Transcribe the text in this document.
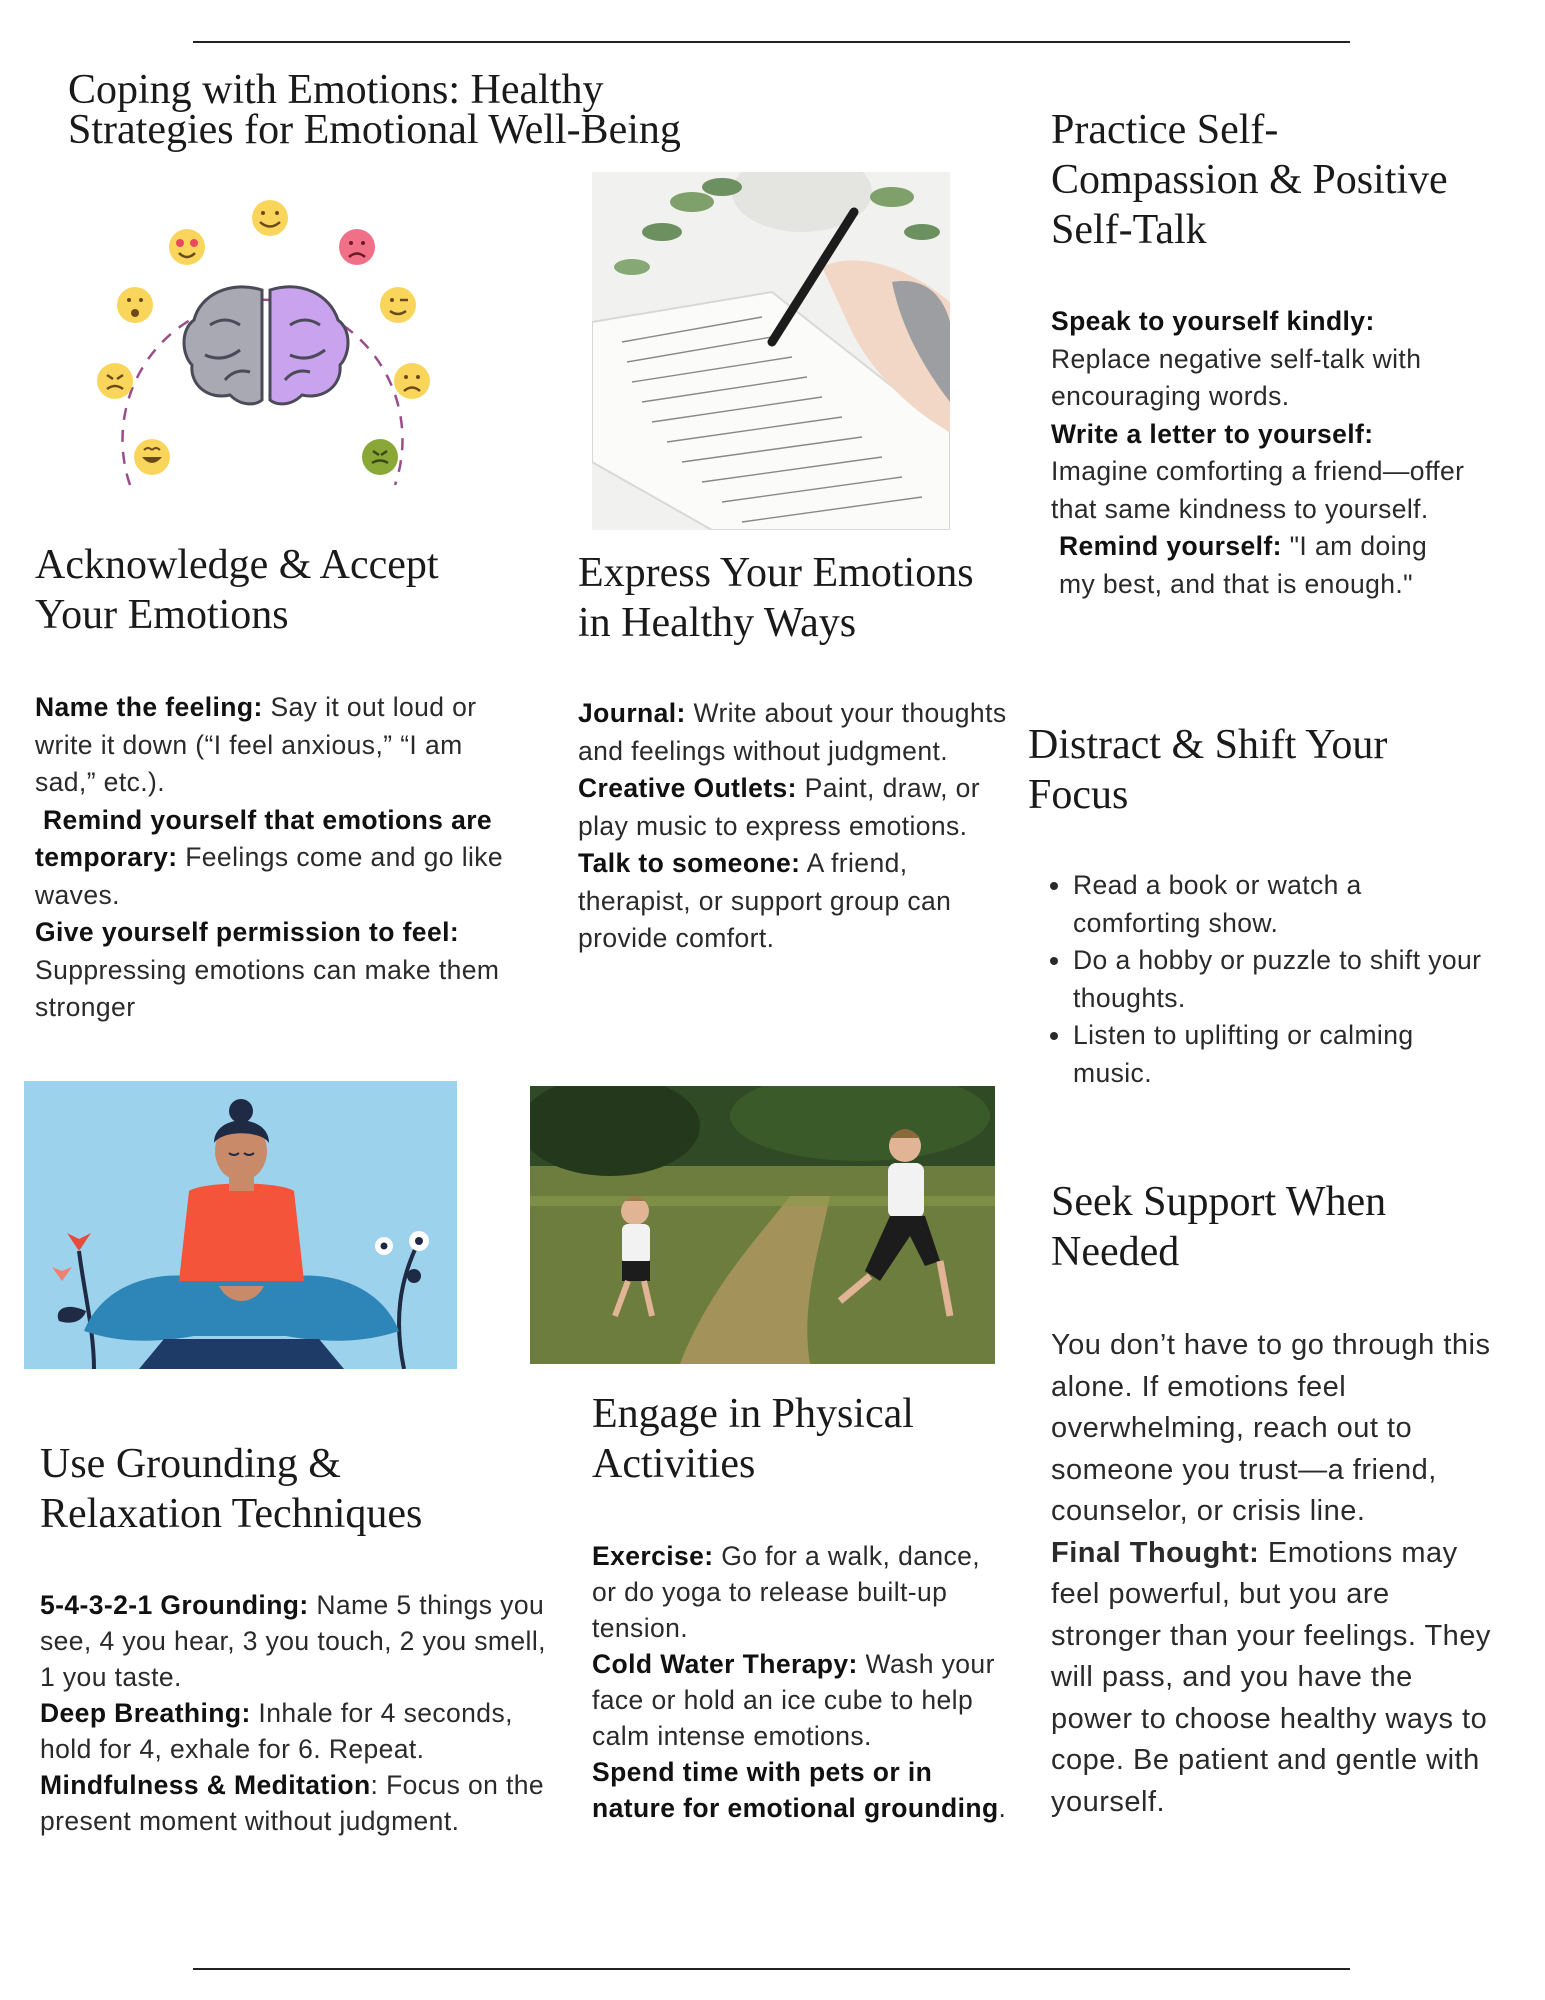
Coping with Emotions: Healthy
Strategies for Emotional Well-Being	Practice Self-
Compassion & Positive
Self-Talk

Speak to yourself kindly: Replace negative self-talk with encouraging words.

Write a letter to yourself: Imagine comforting a friend—offer that same kindness to yourself.

Remind yourself: "I am doing my best, and that is enough."

Acknowledge & Accept
Your Emotions

Name the feeling: Say it out loud or write it down (“I feel anxious,” “I am sad,” etc.).

Remind yourself that emotions are temporary: Feelings come and go like waves.

Give yourself permission to feel: Suppressing emotions can make them stronger

Express Your Emotions
in Healthy Ways

Journal: Write about your thoughts and feelings without judgment.

Creative Outlets: Paint, draw, or play music to express emotions.

Talk to someone: A friend, therapist, or support group can provide comfort.

Distract & Shift Your
Focus
• Read a book or watch a comforting show.
• Do a hobby or puzzle to shift your thoughts.
• Listen to uplifting or calming music.
Seek Support When
Needed

You don’t have to go through this alone. If emotions feel overwhelming, reach out to someone you trust—a friend, counselor, or crisis line.

Final Thought: Emotions may feel powerful, but you are stronger than your feelings. They will pass, and you have the power to choose healthy ways to cope. Be patient and gentle with yourself.

Engage in Physical
Activities

Exercise: Go for a walk, dance, or do yoga to release built-up tension.

Cold Water Therapy: Wash your face or hold an ice cube to help calm intense emotions.

Spend time with pets or in nature for emotional grounding.

Use Grounding &
Relaxation Techniques

5-4-3-2-1 Grounding: Name 5 things you see, 4 you hear, 3 you touch, 2 you smell, 1 you taste.

Deep Breathing: Inhale for 4 seconds, hold for 4, exhale for 6. Repeat.

Mindfulness & Meditation: Focus on the present moment without judgment.
